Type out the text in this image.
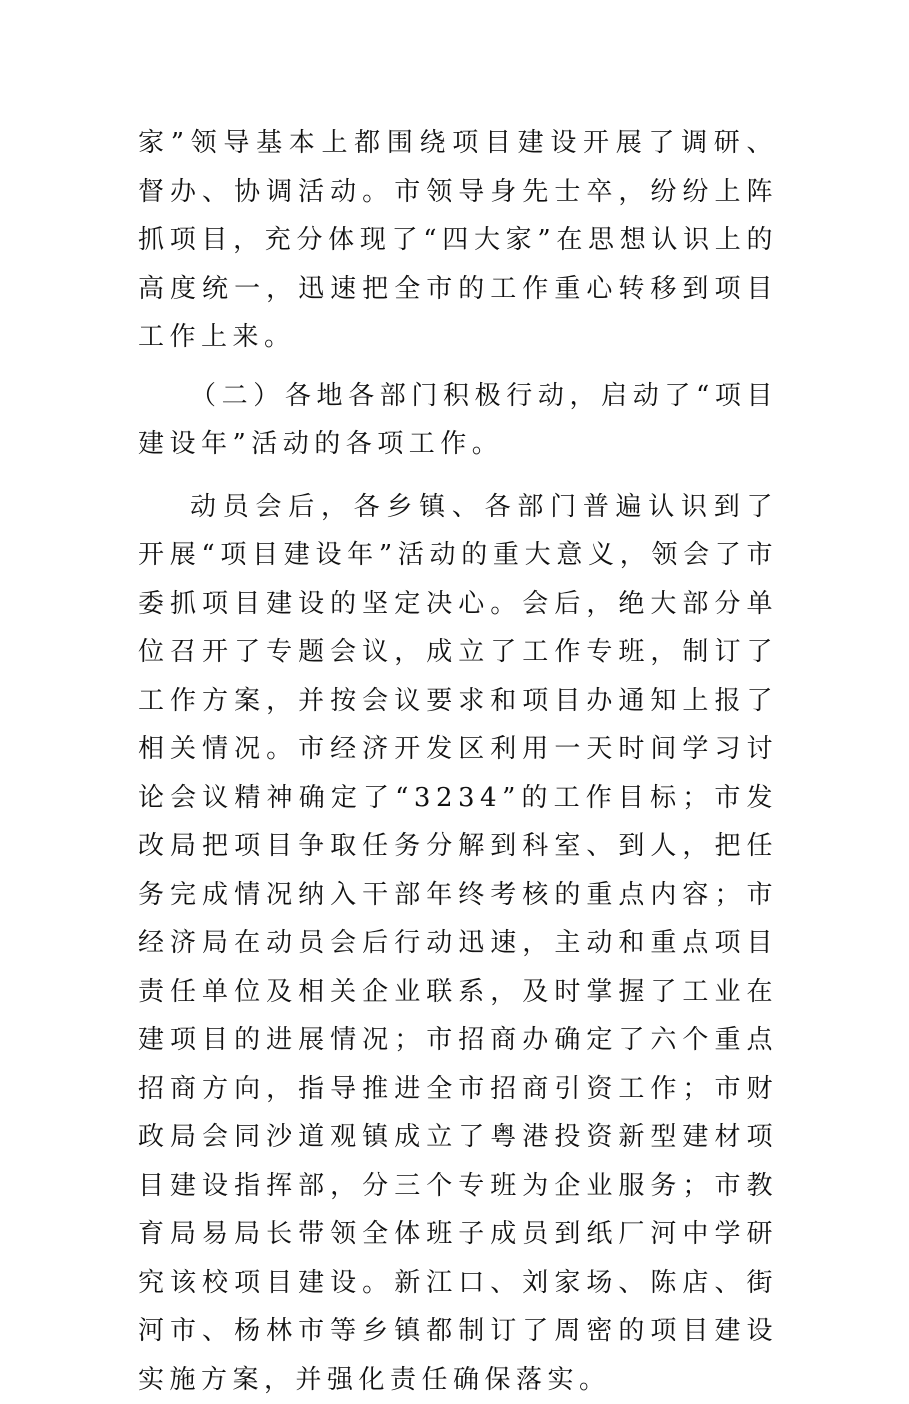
家”领导基本上都围绕项目建设开展了调研、督办、协调活动。市领导身先士卒，纷纷上阵抓项目，充分体现了“四大家”在思想认识上的高度统一，迅速把全市的工作重心转移到项目工作上来。

（二）各地各部门积极行动，启动了“项目建设年”活动的各项工作。

动员会后，各乡镇、各部门普遍认识到了开展“项目建设年”活动的重大意义，领会了市委抓项目建设的坚定决心。会后，绝大部分单位召开了专题会议，成立了工作专班，制订了工作方案，并按会议要求和项目办通知上报了相关情况。市经济开发区利用一天时间学习讨论会议精神确定了“3234”的工作目标；市发改局把项目争取任务分解到科室、到人，把任务完成情况纳入干部年终考核的重点内容；市经济局在动员会后行动迅速，主动和重点项目责任单位及相关企业联系，及时掌握了工业在建项目的进展情况；市招商办确定了六个重点招商方向，指导推进全市招商引资工作；市财政局会同沙道观镇成立了粤港投资新型建材项目建设指挥部，分三个专班为企业服务；市教育局易局长带领全体班子成员到纸厂河中学研究该校项目建设。新江口、刘家场、陈店、街河市、杨林市等乡镇都制订了周密的项目建设实施方案，并强化责任确保落实。
